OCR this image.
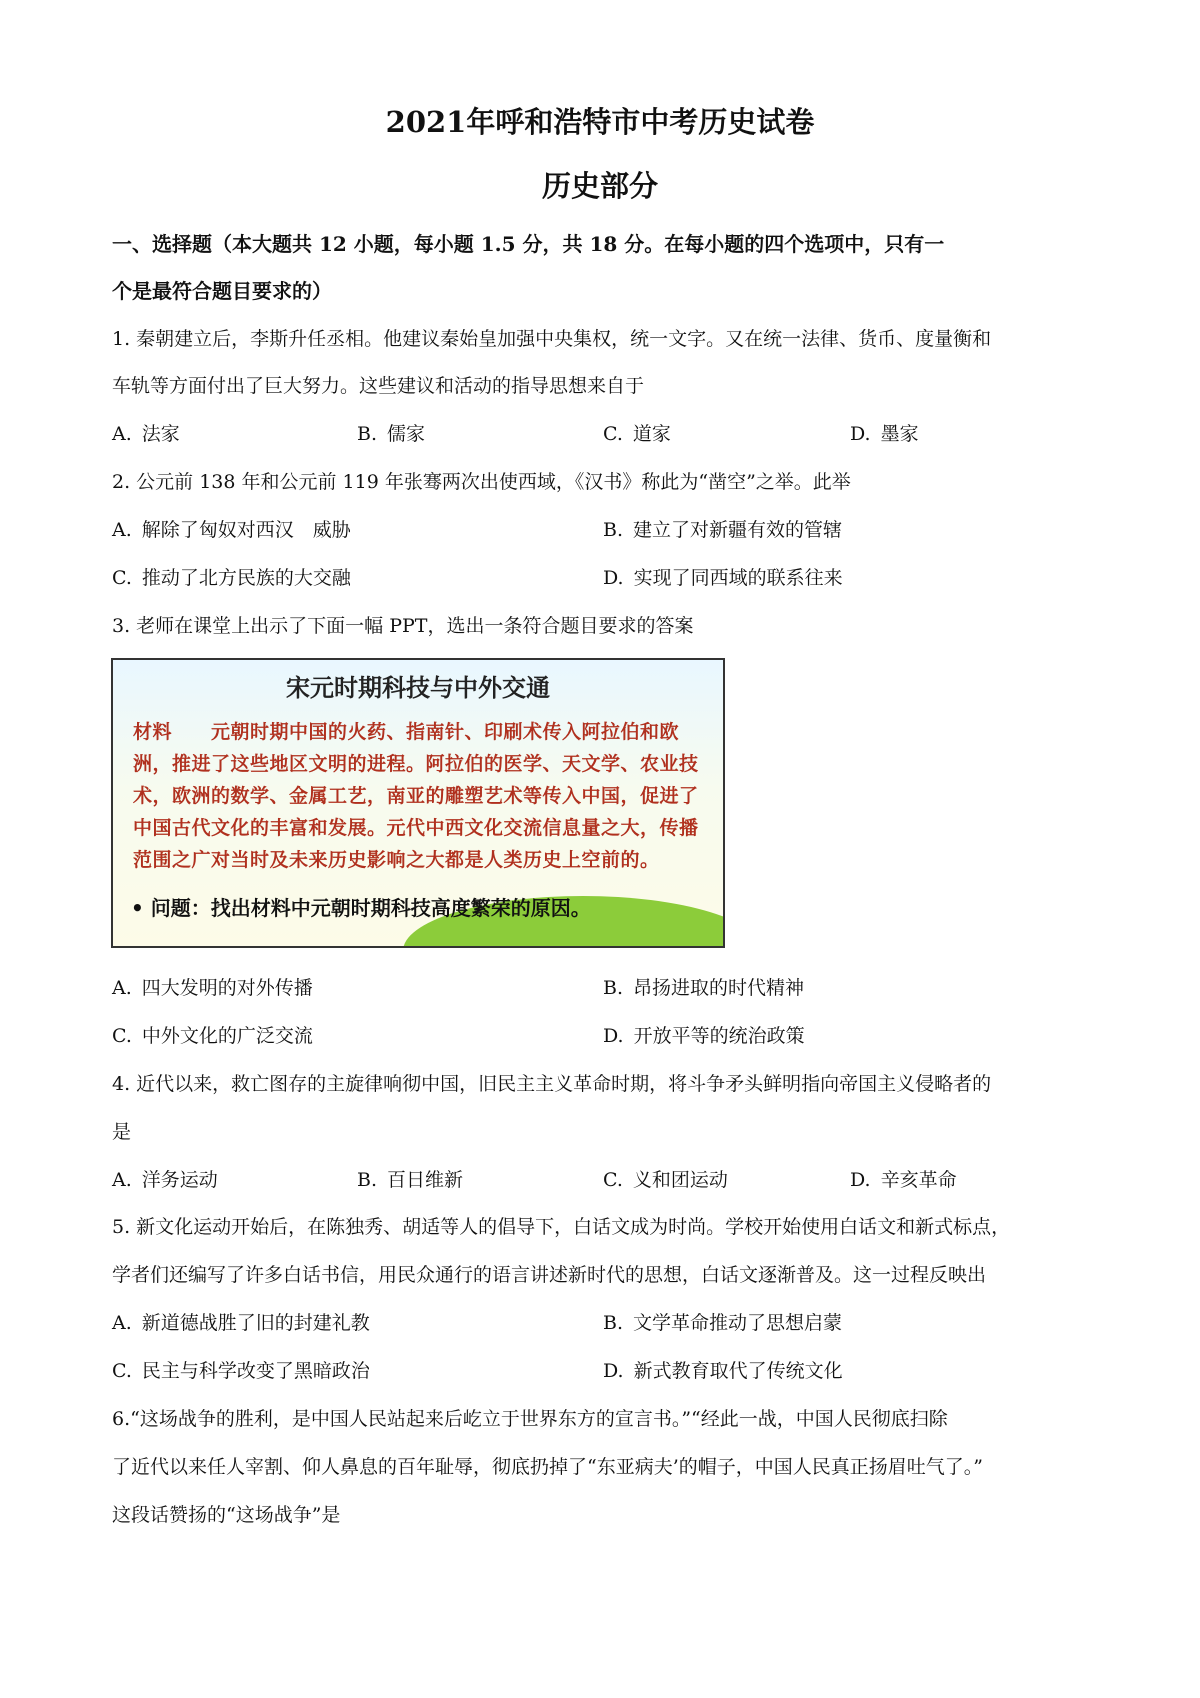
2021年呼和浩特市中考历史试卷
历史部分
一、选择题（本大题共 12 小题，每小题 1.5 分，共 18 分。在每小题的四个选项中，只有一
个是最符合题目要求的）
1. 秦朝建立后，李斯升任丞相。他建议秦始皇加强中央集权，统一文字。又在统一法律、货币、度量衡和
车轨等方面付出了巨大努力。这些建议和活动的指导思想来自于
A. 法家	B. 儒家	C. 道家	D. 墨家
2. 公元前 138 年和公元前 119 年张骞两次出使西域，《汉书》称此为“凿空”之举。此举
A. 解除了匈奴对西汉　威胁	B. 建立了对新疆有效的管辖
C. 推动了北方民族的大交融	D. 实现了同西域的联系往来
3. 老师在课堂上出示了下面一幅 PPT，选出一条符合题目要求的答案
宋元时期科技与中外交通
材料　　 元朝时期中国的火药、指南针、印刷术传入阿拉伯和欧洲，推进了这些地区文明的进程。阿拉伯的医学、天文学、农业技术，欧洲的数学、金属工艺，南亚的雕塑艺术等传入中国，促进了中国古代文化的丰富和发展。元代中西文化交流信息量之大，传播范围之广对当时及未来历史影响之大都是人类历史上空前的。
• 问题：找出材料中元朝时期科技高度繁荣的原因。
A. 四大发明的对外传播	B. 昂扬进取的时代精神
C. 中外文化的广泛交流	D. 开放平等的统治政策
4. 近代以来，救亡图存的主旋律响彻中国，旧民主主义革命时期，将斗争矛头鲜明指向帝国主义侵略者的
是
A. 洋务运动	B. 百日维新	C. 义和团运动	D. 辛亥革命
5. 新文化运动开始后，在陈独秀、胡适等人的倡导下，白话文成为时尚。学校开始使用白话文和新式标点，
学者们还编写了许多白话书信，用民众通行的语言讲述新时代的思想，白话文逐渐普及。这一过程反映出
A. 新道德战胜了旧的封建礼教	B. 文学革命推动了思想启蒙
C. 民主与科学改变了黑暗政治	D. 新式教育取代了传统文化
6.“这场战争的胜利，是中国人民站起来后屹立于世界东方的宣言书。”“经此一战，中国人民彻底扫除
了近代以来任人宰割、仰人鼻息的百年耻辱，彻底扔掉了“东亚病夫’的帽子，中国人民真正扬眉吐气了。”
这段话赞扬的“这场战争”是
